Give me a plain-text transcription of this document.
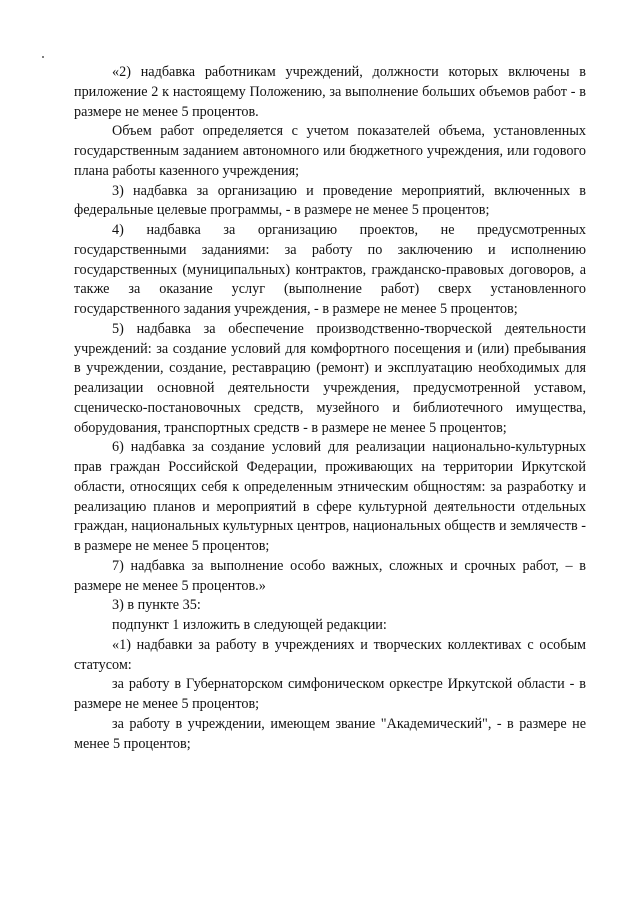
«2) надбавка работникам учреждений, должности которых включены в приложение 2 к настоящему Положению, за выполнение больших объемов работ - в размере не менее 5 процентов.

Объем работ определяется с учетом показателей объема, установленных государственным заданием автономного или бюджетного учреждения, или годового плана работы казенного учреждения;

3) надбавка за организацию и проведение мероприятий, включенных в федеральные целевые программы, - в размере не менее 5 процентов;

4) надбавка за организацию проектов, не предусмотренных государственными заданиями: за работу по заключению и исполнению государственных (муниципальных) контрактов, гражданско-правовых договоров, а также за оказание услуг (выполнение работ) сверх установленного государственного задания учреждения, - в размере не менее 5 процентов;

5) надбавка за обеспечение производственно-творческой деятельности учреждений: за создание условий для комфортного посещения и (или) пребывания в учреждении, создание, реставрацию (ремонт) и эксплуатацию необходимых для реализации основной деятельности учреждения, предусмотренной уставом, сценическо-постановочных средств, музейного и библиотечного имущества, оборудования, транспортных средств - в размере не менее 5 процентов;

6) надбавка за создание условий для реализации национально-культурных прав граждан Российской Федерации, проживающих на территории Иркутской области, относящих себя к определенным этническим общностям: за разработку и реализацию планов и мероприятий в сфере культурной деятельности отдельных граждан, национальных культурных центров, национальных обществ и землячеств - в размере не менее 5 процентов;

7) надбавка за выполнение особо важных, сложных и срочных работ, – в размере не менее 5 процентов.»

3) в пункте 35:

подпункт 1 изложить в следующей редакции:

«1) надбавки за работу в учреждениях и творческих коллективах с особым статусом:

за работу в Губернаторском симфоническом оркестре Иркутской области - в размере не менее 5 процентов;

за работу в учреждении, имеющем звание "Академический", - в размере не менее 5 процентов;
